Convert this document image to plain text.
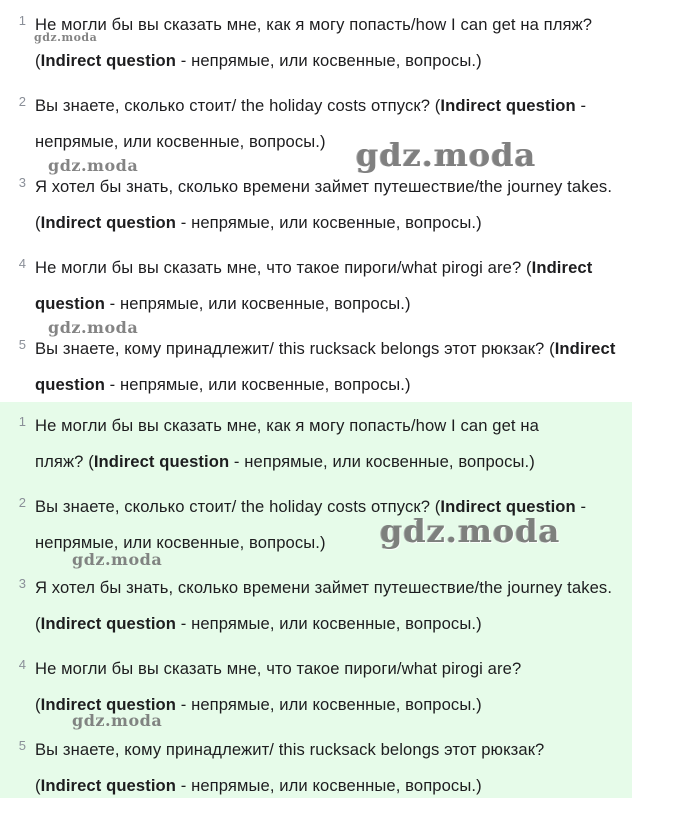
1 Не могли бы вы сказать мне, как я могу попасть/how I can get на пляж?
(Indirect question - непрямые, или косвенные, вопросы.)
2 Вы знаете, сколько стоит/ the holiday costs отпуск? (Indirect question - непрямые, или косвенные, вопросы.)
3 Я хотел бы знать, сколько времени займет путешествие/the journey takes. (Indirect question - непрямые, или косвенные, вопросы.)
4 Не могли бы вы сказать мне, что такое пироги/what pirogi are? (Indirect question - непрямые, или косвенные, вопросы.)
5 Вы знаете, кому принадлежит/ this rucksack belongs этот рюкзак? (Indirect question - непрямые, или косвенные, вопросы.)
gdz.moda
gdz.moda	gdz.moda
gdz.moda
1 Не могли бы вы сказать мне, как я могу попасть/how I can get на пляж? (Indirect question - непрямые, или косвенные, вопросы.)
2 Вы знаете, сколько стоит/ the holiday costs отпуск? (Indirect question - непрямые, или косвенные, вопросы.)
3 Я хотел бы знать, сколько времени займет путешествие/the journey takes. (Indirect question - непрямые, или косвенные, вопросы.)
4 Не могли бы вы сказать мне, что такое пироги/what pirogi are? (Indirect question - непрямые, или косвенные, вопросы.)
5 Вы знаете, кому принадлежит/ this rucksack belongs этот рюкзак? (Indirect question - непрямые, или косвенные, вопросы.)
gdz.moda
gdz.moda
gdz.moda
